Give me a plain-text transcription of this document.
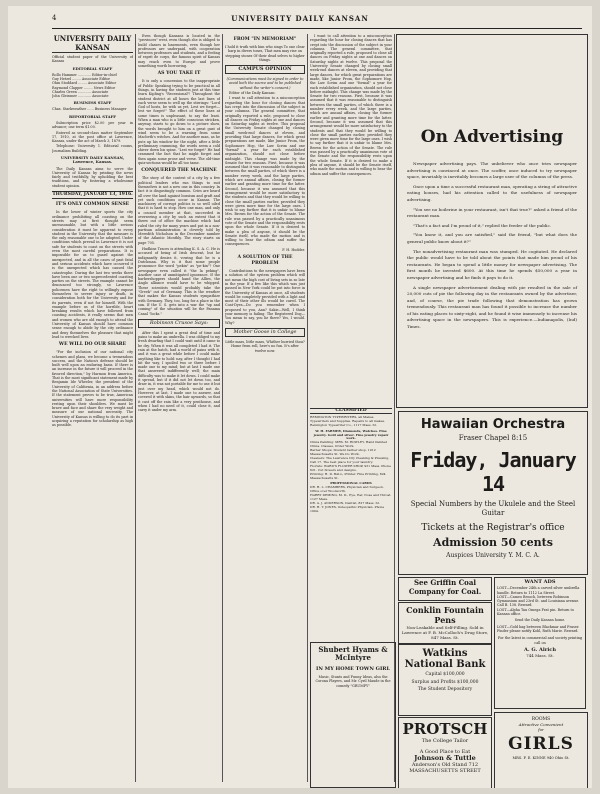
4	UNIVERSITY DAILY KANSAN
UNIVERSITY DAILY KANSAN
Official student paper of the University of Kansas
EDITORIAL STAFF
Rollo Hammer ............ Editor-in-chief
Guy Hetzel ........ Associate Editor
Ohm Stoddard ........ Associate Editor
Raymond Clapper ........ News Editor
Charles Green ............ Associate
John Gleissner ............ Associate
BUSINESS STAFF
Chas. Starkweather ...... Business Manager
REPORTORIAL STAFF
Subscription price $2.00 per year in advance; one term $1.00.
Entered as second-class matter September 17, 1910, at the post office at Lawrence, Kansas, under the act of March 3, 1879.
Telephone: University 1. Editorial rooms, Journalism Building.
UNIVERSITY DAILY KANSAN, Lawrence, Kansas.
The Daily Kansan aims to serve the University of Kansas by printing the news fairly and truthfully, by upholding the best traditions, and by fostering a wholesome student opinion.
THURSDAY, JANUARY 13, 1916.
IT'S ONLY COMMON SENSE
In the lower of winter sports the city ordinance prohibiting all coasting on the streets may at first thought seem unreasonable, but with a little serious consideration it must be apparent to every student in the University that the measure is the only reasonable one to be adopted. Under conditions which prevail in Lawrence it is not safe for students to coast on the streets with even the most careful preparations. It is impossible for us to guard against the unexpected, and in all the cases of past fatal and serious accidents which have occurred it is the unexpected which has caused the catastrophe. During the last two weeks there have been one or two unprecedented coasting parties on the streets. The example cannot be denounced too strongly, so Lawrence policemen have the right to willingly expose themselves to severe injury or death, in consideration both for the University and for its parents, even if not for himself. With the example before us of the horrible, heart breaking results which have followed from coasting accidents, it really seems that men and women who are old enough to attend the University of Kansas should have common sense enough to abide by the city ordinance and deny themselves the pleasure that might lead to wrecked lives.
WE WILL DO OUR SHARE
"For the inclusion of our national city schemes and plans, we become a tremendous success, and the Nation's defense should be built well upon an enduring basis. If there is an increase in the future it will proceed in the favored direction," by Harmon from America. That is the most significant statement made by Benjamin Ide Wheeler, the president of the University of California, in an address before the National Association of State Universities. If the statement proves to be true, American universities will have more responsibility resting upon their shoulders. We must be brave and face and share the very weight and measure of our national necessity. The University of Kansas is willing to do its part in acquiring a reputation for scholarship as high as possible.
Even though Kansans is located in the "provinces" west, even though she is obliged to build classes in basements, even though her professors are underpaid, with cooperation between professors and students, and a feeling of esprit de corps, the famous spirit of Kansas may reach even to Europe and prove something worth borrowing.
AS YOU TAKE IT
It is only a concession to the inappropriate of Public Speaking trying to be practical in all things, in having the students just at this time learn Kipling's "Recessional"! Throughout the student district at all hours the last lines of each verse seem to well up the stirrings: "Lord God of hosts, be with us yet, Lest we forget—lest we forget!" The effect of these lines at some times is unpleasant, to say the least. When a man who is a little conscious stricken, anyway, starts to go down to a picture show, the words brought to him on a great gust of wind seem to be a warning from some Macbeth's witches. And for another man, as he puts up his window for the night, after a little preliminary cramming, the words seem a cold shiver down his spine. "Lest we forget" He had crammed the fact that he might forget and then again some prose and verse. The old-time quiz-sections would be all too tame.
CONQUERED THE MACHINE
The story of the contest of a city by a few political leaders who run things to suit themselves is not a new one in this country. In fact it is disgustingly common. Cries are heard all over the land against bossism and graft and yet such conditions occur in Kansas. The machinery of corrupt politics is so well oiled that it is hard to stop. How one man, and only a council member at that, succeeded in overseeing a city by such an extent that it threw out of office the machine which had ruled the city for many years and put in a non-partisan administration is cleverly told by Meredith Nicholson in the December number of the Atlantic Monthly. The story starts on page 705.
Hudkins Traces is attending K. S. A. C. He is accused of being of Irish descent, but he indignantly denies it, vowing that he is a Dutchman. Why is it that some people pronounce the word "pekin" as "pe-kin"? One newspaper even called it "the la peking". Another case of unmitigated ignorance. If the barbershoppers should hand the Allies, the Anglo alliance would have to be whipped. These scientists would probably take the "Greek" out of Germany. This is the weather that makes the Kansas students sympathize with Germany. They, too, long for a place in the sun. If the U. S. gets into a war the "up and coming" of the situation will be the Panama Canal "locks."
Robinson Crusoe Says:
After this I spent a great deal of time and pains to make an umbrella. I was obliged to my fresh dwarfing that I could wait until it came to be dry. When it was all completed I had it. The rain at the hatch, had a world of pains with it, and it was a great while before I could make anything like to hold: nay, after I thought I had hit the way, I spoiled two or three before I made one to my mind; but at last I made one that answered indifferently well; the main difficulty was to make it let down. I could make it spread, but if it did not let down too, and draw in, it was not portable for me to use it but just over my head, which would not do. However, at last, I made one to answer, and covered it with skins, the hair upwards, so that it cast off the rain like a very penthouse, and when I had no need of it, could close it, and carry it under my arm.
FROM "IN MEMORIAM"
I hold it truth with him who sings To one clear harp in divers tones, That men may rise on stepping stones Of their dead selves to higher things.
CAMPUS OPINION
(Communications must be signed in order to avoid both the source and to be published without the writer's consent.)
Editor of the Daily Kansan:
I want to call attention to a misconception regarding the hour for closing dances that has crept into the discussion of the subject in your columns. The general committee, that originally reported a rule, proposed to close all dances on Friday nights at one and dances on Saturday nights at twelve. This proposal the University Senate changed by closing small week-end dances at eleven, and providing that large dances, for which great preparations are made, like Junior Prom, the Sophomore Hop, the Law Scrim and one "formal" a year for each established organization, should not close before midnight. This change was made by the Senate for two reasons. First, because it was assumed that it was reasonable to distinguish between the small parties, of which there is a number every week, and the large parties, which are annual affairs, closing the former earlier and granting more time for the latter. Second, because it was assumed that this arrangement would be more satisfactory to the students and that they would be willing to close the small parties earlier, provided they were given more time for the large ones. I wish to say further that it is unfair to blame Mrs. Brown for the action of the Senate. The rule was passed by a practically unanimous vote of the Senate and the responsibility rests upon the whole Senate. If it is desired to make a plea of anyone, it should be the Senate itself, who made the motion and is willing to bear the odium and suffer the consequences.
F. H. Hodder.
A SOLUTION OF THE PROBLEM
Contributions to the newspapers have been a solution of the system problem which will not mean the high cost of living sets in so late in the year. If a few like this which was just passed in New York could be put into force in the University of Kansas at once, all students would be completely provided with a light and most of their other ills would be cured. The Coat-Dyes—Do you remember when I proposed to you, Ann? Sakie—Well, I think your memory is failing. The Registered Dog—You mean to say, you lie there? Yes, I would. Why?
Mother Goose in College
Little mass, little mass, Whither hurried thou? Home from roll, here's no fun. It's after twelve now.
I want to call attention to a misconception regarding the hour for closing dances that has crept into the discussion of the subject in your columns. The general committee, that originally reported a rule, proposed to close all dances on Friday nights at one and dances on Saturday nights at twelve. This proposal the University Senate changed by closing small week-end dances at eleven, and providing that large dances, for which great preparations are made, like Junior Prom, the Sophomore Hop, the Law Scrim and one "formal" a year for each established organization, should not close before midnight. This change was made by the Senate for two reasons. First, because it was assumed that it was reasonable to distinguish between the small parties, of which there is a number every week, and the large parties, which are annual affairs, closing the former earlier and granting more time for the latter. Second, because it was assumed that this arrangement would be more satisfactory to the students and that they would be willing to close the small parties earlier, provided they were given more time for the large ones. I wish to say further that it is unfair to blame Mrs. Brown for the action of the Senate. The rule was passed by a practically unanimous vote of the Senate and the responsibility rests upon the whole Senate. If it is desired to make a plea of anyone, it should be the Senate itself, who made the motion and is willing to bear the odium and suffer the consequences.
On Advertising

Newspaper advertising pays. The unbeliever who once tries newspaper advertising is convinced at once. The scoffer, once induced to try newspaper space, invariably is inevitably becomes a large user of the columns of the press.

Once upon a time a successful restaurant man, operating a string of attractive eating houses, had his attention called to the usefulness of newspaper advertising.

"You see no boilerine in your restaurant, isn't that true?" asked a friend of the restaurant man.

"That's a fact and I'm proud of it," replied the feeder of the public.

"You know it, and you are satisfied," said the friend, "but what does the general public know about it?"

The nonadvertising restaurant man was stumped. He cogitated. He declared the public would have to be told about the points that made him proud of his restaurants. He began to spend a little money for newspaper advertising. The first month he invested $600. At this time he spends $50,000 a year in newspaper advertising and he finds it pays to do it.

A single newspaper advertisement dealing with pie resulted in the sale of 20,000 cuts of pie the following day in the restaurants owned by the advertiser, and, of course, the pie trade following that demonstration has grown tremendously. This restaurant man has found it possible to increase the number of his eating places to sixty-eight, and he found it wise immensely to increase his advertising space in the newspapers. This is experience.—Indianapolis, (Ind) Times.

CLASSIFIED
REMINGTON TYPEWRITERS, all Makes. Typewriters and Supplies. Repairs to all makes. Remington Typewriter Co., 1117 Mass. St.
W. H. FARMER, Diamonds, Watches. Fine jewelry. Gold and silver. Fine jewelry repair work.
China Painting: MRS. M. ROWLEY, Hand Painted China. Classes, Order Work.
Barber Shops: Student barber shop. 1012 Massachusetts St. We Do Work.
Cleaners: The Lawrence Dry Cleaning & Pressing, Call 17. The best place for your laundry.
Florists: WARD'S FLOWER SHOP, 931 Mass. Phone 621. Cut flowers and designs.
Printing: H. D. BALL, Printer. Fine Printing, 824 Massachusetts St.
PROFESSIONAL CARDS
DR. H. L. CHAMBERS, Physician and Surgeon. Office over Woolworth.
HARRY DEMING, M. D., Eye, Ear, Nose and Throat. 1127 Mass.
DR. A. J. ANDERSON, Dentist, 827 Mass. St.
DR. H. T. JONES, Osteopathic Physician. Phone 1004.
Hawaiian Orchestra
Fraser Chapel 8:15
Friday, January 14
Special Numbers by the Ukulele and the Steel Guitar
Tickets at the Registrar's office
Admission 50 cents
Auspices University Y. M. C. A.
See Griffin Coal Company for Coal.
Conklin Fountain Pens
Non-Leakable and Self-Filling. Sold in Lawrence at F. B. McColloch's Drug Store, 847 Mass. St.
Watkins National Bank
Capital $100,000
Surplus and Profits $100,000
The Student Depository
PROTSCH
The College Tailor
A Good Place to Eat
Johnson & Tuttle
Anderson's Old Stand 712 MASSACHUSETTS STREET
Shubert Hyams & McIntyre
IN MY HOME TOWN GIRL
Music, Stunts and Funny Ideas, also the Corona Players, and Mr. Cyril Maude in the comedy "GRUMPY"
WANT ADS
LOST—December 24th a carved silver umbrella handle. Return to 1112 La Street.
LOST—Cameo Brooch, between Robinson Gymnasium and 23rd St. and Louisiana avenue. Call B. 138. Reward.
LOST—Alpha Tau Omega Frat pin. Return to Kansan office.
Send the Daily Kansan home.
LOST—Gold bag between Blackmar and Fraser. Finder please notify Kohl, Ruth Marie. Reward.
For the latest in commercial and society printing call on
A. G. Alrich
744 Mass. St.
ROOMS
Attractive Convenient
for
GIRLS
MRS. F. E. KINNE 940 Ohio St.
